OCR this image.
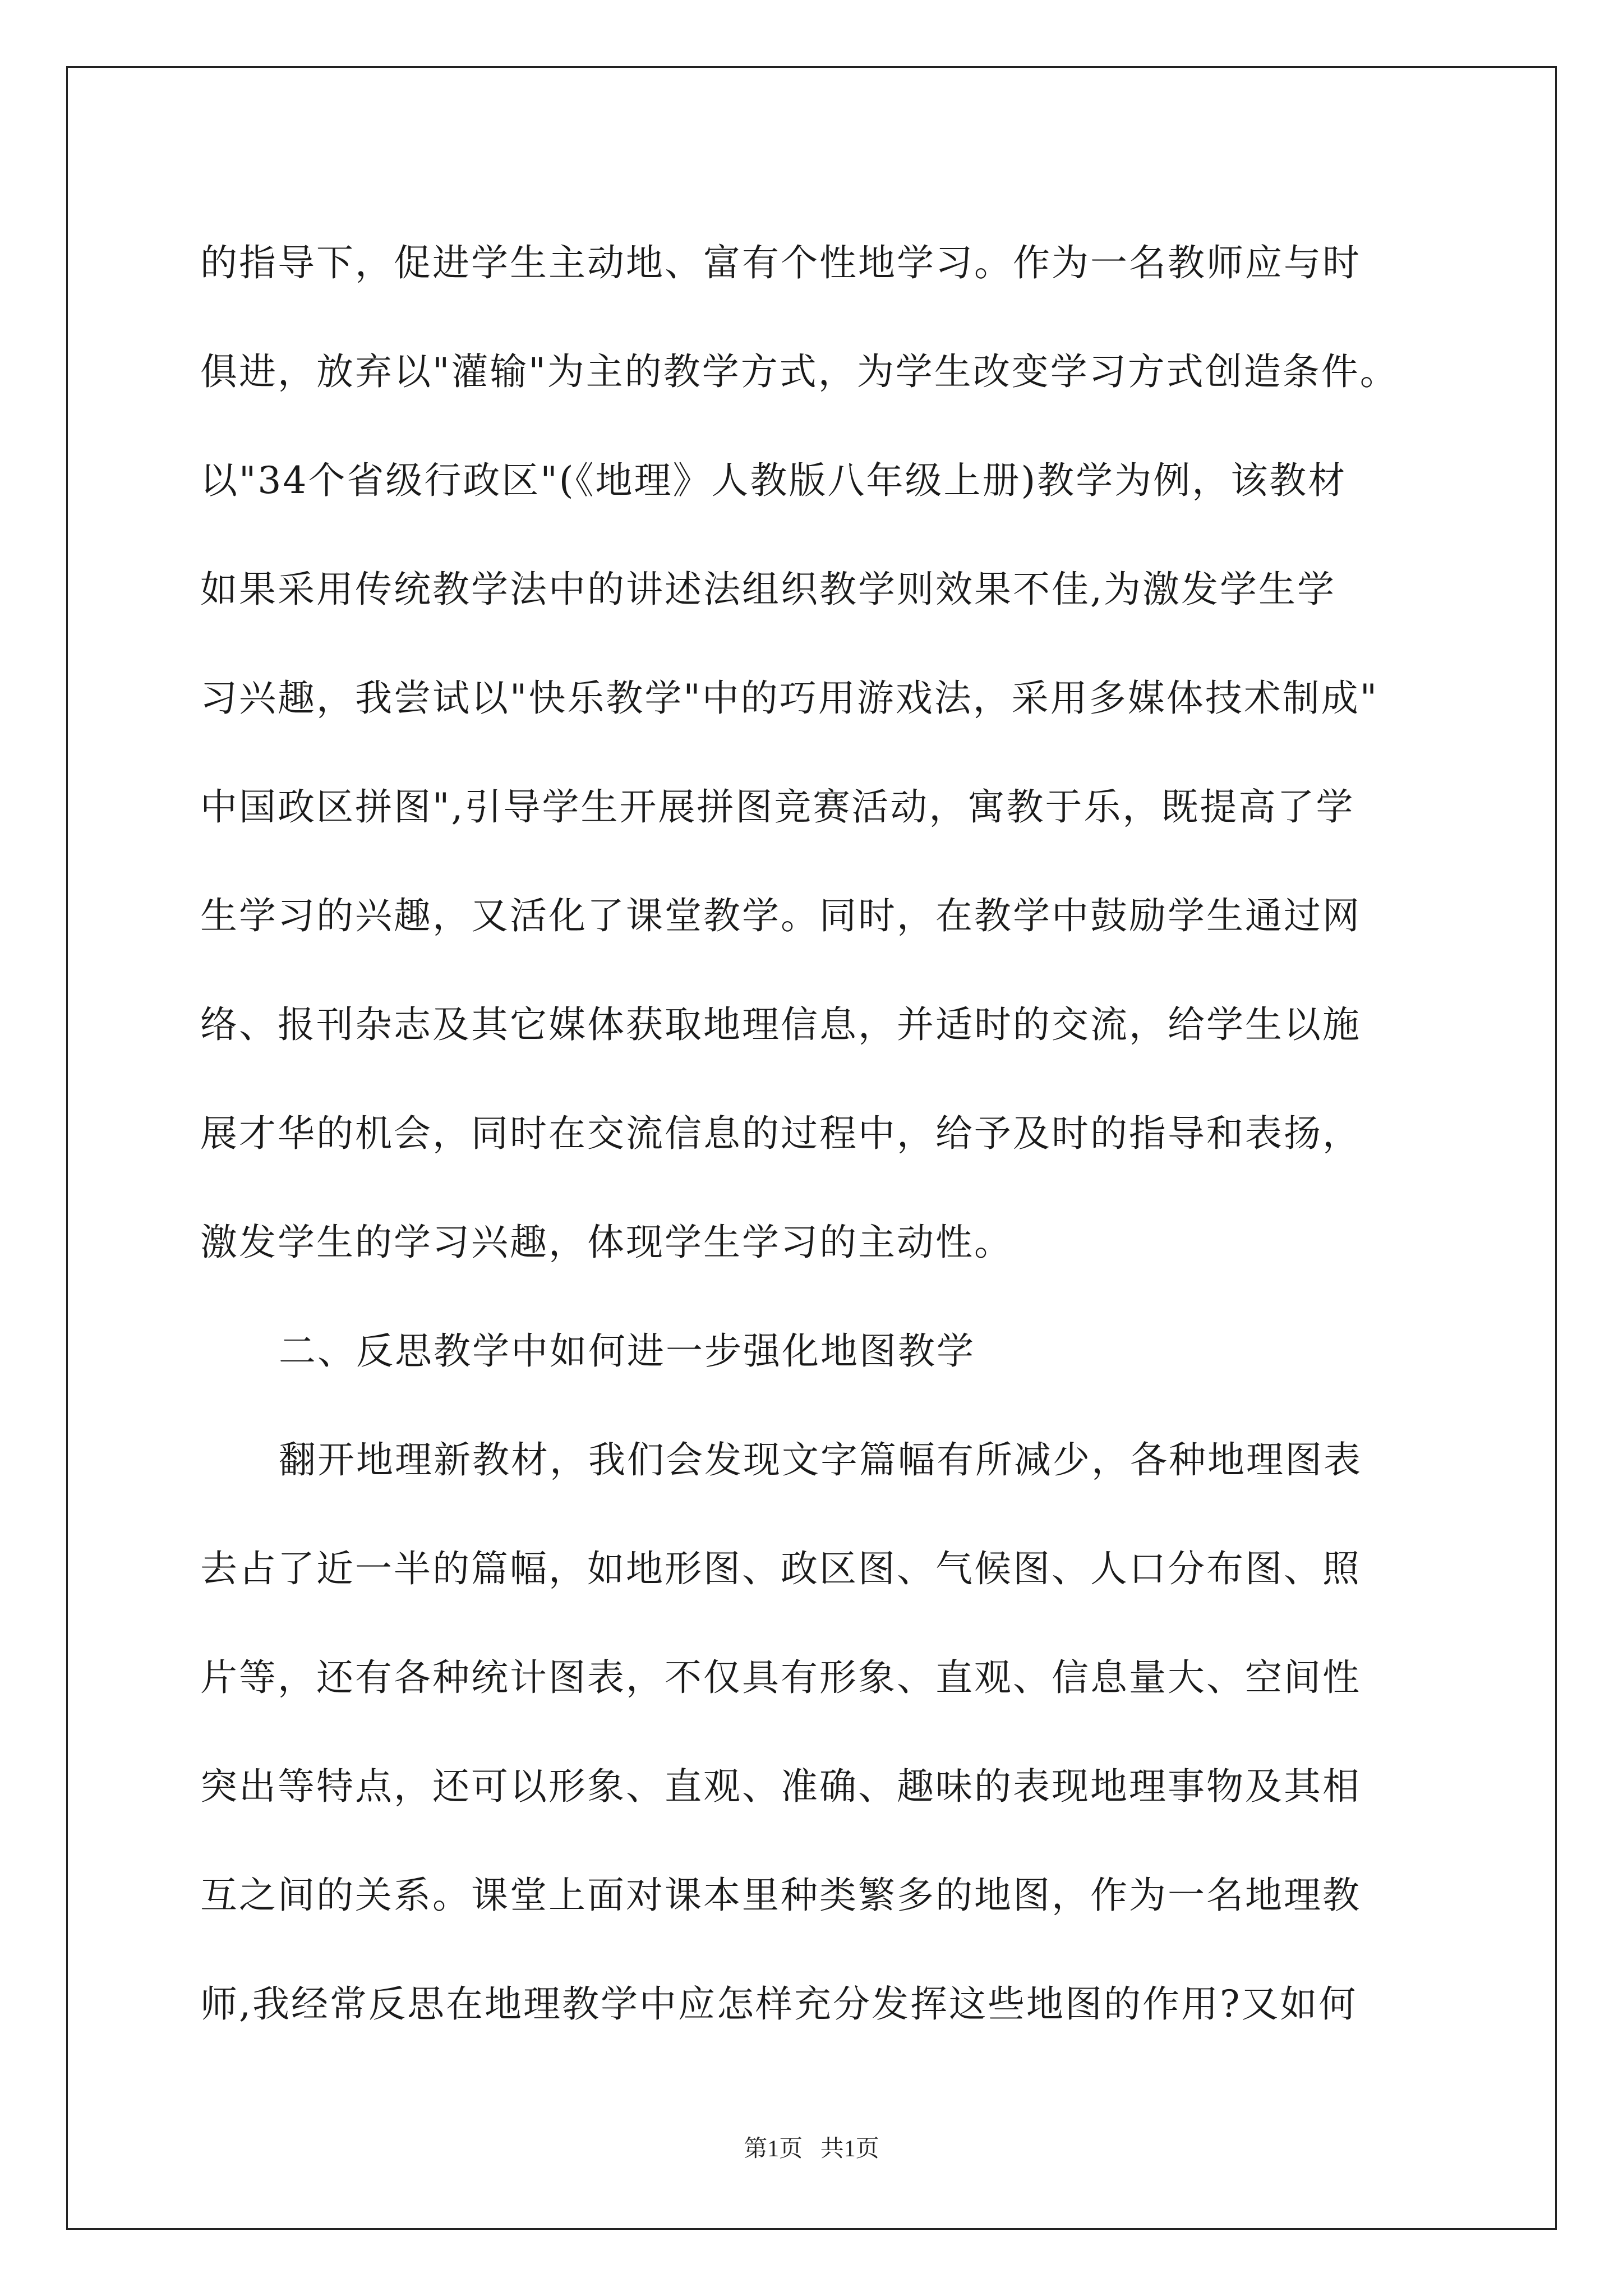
的指导下，促进学生主动地、富有个性地学习。作为一名教师应与时
俱进，放弃以"灌输"为主的教学方式，为学生改变学习方式创造条件。
以"34个省级行政区"(《地理》人教版八年级上册)教学为例，该教材
如果采用传统教学法中的讲述法组织教学则效果不佳,为激发学生学
习兴趣，我尝试以"快乐教学"中的巧用游戏法，采用多媒体技术制成"
中国政区拼图",引导学生开展拼图竞赛活动，寓教于乐，既提高了学
生学习的兴趣，又活化了课堂教学。同时，在教学中鼓励学生通过网
络、报刊杂志及其它媒体获取地理信息，并适时的交流，给学生以施
展才华的机会，同时在交流信息的过程中，给予及时的指导和表扬，
激发学生的学习兴趣，体现学生学习的主动性。
二、反思教学中如何进一步强化地图教学
翻开地理新教材，我们会发现文字篇幅有所减少，各种地理图表
去占了近一半的篇幅，如地形图、政区图、气候图、人口分布图、照
片等，还有各种统计图表，不仅具有形象、直观、信息量大、空间性
突出等特点，还可以形象、直观、准确、趣味的表现地理事物及其相
互之间的关系。课堂上面对课本里种类繁多的地图，作为一名地理教
师,我经常反思在地理教学中应怎样充分发挥这些地图的作用?又如何
第1页   共1页
